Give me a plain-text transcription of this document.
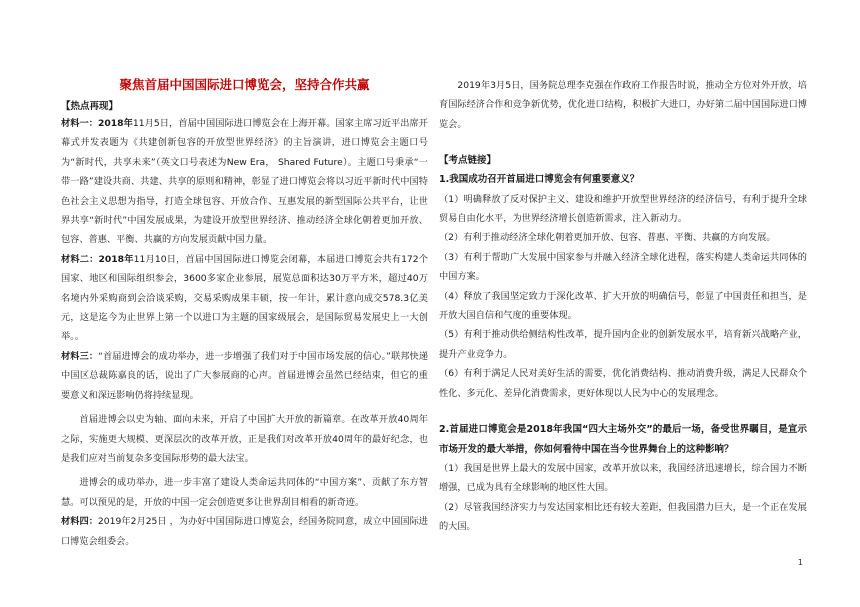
聚焦首届中国国际进口博览会，坚持合作共赢
【热点再现】

材料一：2018年11月5日，首届中国国际进口博览会在上海开幕。国家主席习近平出席开幕式并发表题为《共建创新包容的开放型世界经济》的主旨演讲，进口博览会主题口号为“新时代，共享未来”（英文口号表述为New Era， Shared Future）。主题口号秉承“一带一路”建设共商、共建、共享的原则和精神，彰显了进口博览会将以习近平新时代中国特色社会主义思想为指导，打造全球包容、开放合作、互惠发展的新型国际公共平台，让世界共享“新时代”中国发展成果，为建设开放型世界经济、推动经济全球化朝着更加开放、包容、普惠、平衡、共赢的方向发展贡献中国力量。

材料二：2018年11月10日，首届中国国际进口博览会闭幕，本届进口博览会共有172个国家、地区和国际组织参会，3600多家企业参展，展览总面积达30万平方米，超过40万名境内外采购商到会洽谈采购，交易采购成果丰硕，按一年计，累计意向成交578.3亿美元，这是迄今为止世界上第一个以进口为主题的国家级展会，是国际贸易发展史上一大创举。。

材料三：“首届进博会的成功举办，进一步增强了我们对于中国市场发展的信心。”联邦快递中国区总裁陈嘉良的话，说出了广大参展商的心声。首届进博会虽然已经结束，但它的重要意义和深远影响仍将持续显现。

首届进博会以史为轴、面向未来，开启了中国扩大开放的新篇章。在改革开放40周年之际，实施更大规模、更深层次的改革开放，正是我们对改革开放40周年的最好纪念，也是我们应对当前复杂多变国际形势的最大法宝。

进博会的成功举办，进一步丰富了建设人类命运共同体的“中国方案”、贡献了东方智慧。可以预见的是，开放的中国一定会创造更多让世界刮目相看的新奇迹。

材料四：2019年2月25日 ，为办好中国国际进口博览会，经国务院同意，成立中国国际进口博览会组委会。

2019年3月5日，国务院总理李克强在作政府工作报告时说，推动全方位对外开放，培育国际经济合作和竞争新优势，优化进口结构，积极扩大进口，办好第二届中国国际进口博览会。

【考点链接】
1.我国成功召开首届进口博览会有何重要意义？

（1）明确释放了反对保护主义、建设和维护开放型世界经济的经济信号，有利于提升全球贸易自由化水平，为世界经济增长创造新需求，注入新动力。

（2）有利于推动经济全球化朝着更加开放、包容、普惠、平衡、共赢的方向发展。

（3）有利于帮助广大发展中国家参与并融入经济全球化进程，落实构建人类命运共同体的中国方案。

（4）释放了我国坚定致力于深化改革、扩大开放的明确信号，彰显了中国责任和担当，是开放大国自信和气度的重要体现。

（5）有利于推动供给侧结构性改革，提升国内企业的创新发展水平，培育新兴战略产业，提升产业竞争力。

（6）有利于满足人民对美好生活的需要，优化消费结构、推动消费升级，满足人民群众个性化、多元化、差异化消费需求，更好体现以人民为中心的发展理念。

2.首届进口博览会是2018年我国“四大主场外交”的最后一场，备受世界瞩目，是宣示市场开发的最大举措，你如何看待中国在当今世界舞台上的这种影响？

（1）我国是世界上最大的发展中国家，改革开放以来，我国经济迅速增长，综合国力不断增强，已成为具有全球影响的地区性大国。

（2）尽管我国经济实力与发达国家相比还有较大差距，但我国潜力巨大，是一个正在发展的大国。

1
